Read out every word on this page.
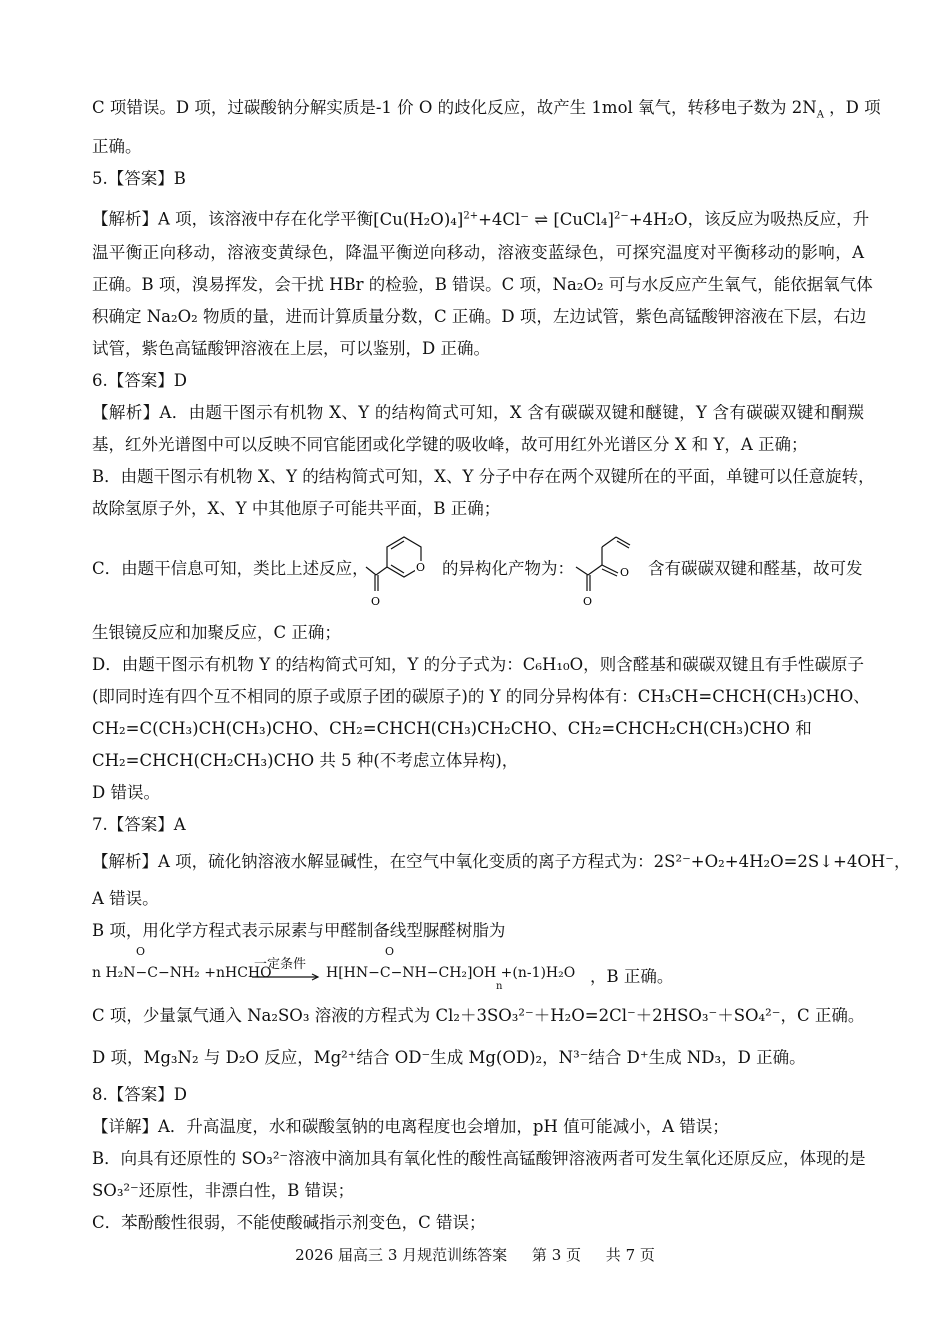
C 项错误。D 项，过碳酸钠分解实质是-1 价 O 的歧化反应，故产生 1mol 氧气，转移电子数为 $2N_A$ ，D 项
正确。
5.【答案】B
【解析】A 项，该溶液中存在化学平衡$[Cu(H_2O)_4]^{2+}+4Cl^-$ ⇌ [CuCl₄]$^{2-}$+4H₂O，该反应为吸热反应，升
温平衡正向移动，溶液变黄绿色，降温平衡逆向移动，溶液变蓝绿色，可探究温度对平衡移动的影响，A
正确。B 项，溴易挥发，会干扰 HBr 的检验，B 错误。C 项，Na₂O₂ 可与水反应产生氧气，能依据氧气体
积确定 Na₂O₂ 物质的量，进而计算质量分数，C 正确。D 项，左边试管，紫色高锰酸钾溶液在下层，右边
试管，紫色高锰酸钾溶液在上层，可以鉴别，D 正确。
6.【答案】D
【解析】A．由题干图示有机物 X、Y 的结构简式可知，X 含有碳碳双键和醚键，Y 含有碳碳双键和酮羰
基，红外光谱图中可以反映不同官能团或化学键的吸收峰，故可用红外光谱区分 X 和 Y，A 正确；
B．由题干图示有机物 X、Y 的结构简式可知，X、Y 分子中存在两个双键所在的平面，单键可以任意旋转，
故除氢原子外，X、Y 中其他原子可能共平面，B 正确；
C．由题干信息可知，类比上述反应，	O
O
的异构化产物为：	O
O
含有碳碳双键和醛基，故可发
生银镜反应和加聚反应，C 正确；
D．由题干图示有机物 Y 的结构简式可知，Y 的分子式为：C₆H₁₀O，则含醛基和碳碳双键且有手性碳原子
(即同时连有四个互不相同的原子或原子团的碳原子)的 Y 的同分异构体有：CH₃CH=CHCH(CH₃)CHO、
CH₂=C(CH₃)CH(CH₃)CHO、CH₂=CHCH(CH₃)CH₂CHO、CH₂=CHCH₂CH(CH₃)CHO 和
CH₂=CHCH(CH₂CH₃)CHO 共 5 种(不考虑立体异构)，
D 错误。
7.【答案】A
【解析】A 项，硫化钠溶液水解显碱性，在空气中氧化变质的离子方程式为：2S²⁻+O₂+4H₂O=2S↓+4OH⁻，
A 错误。
B 项，用化学方程式表示尿素与甲醛制备线型脲醛树脂为
O
n H₂N−C−NH₂ +nHCHO
一定条件
O
H[HN−C−NH−CH₂]OH +(n-1)H₂O
n
，B 正确。
C 项，少量氯气通入 Na₂SO₃ 溶液的方程式为 Cl₂＋3SO₃²⁻＋H₂O=2Cl⁻＋2HSO₃⁻＋SO₄²⁻，C 正确。
D 项，Mg₃N₂ 与 D₂O 反应，Mg²⁺结合 OD⁻生成 Mg(OD)₂，N³⁻结合 D⁺生成 ND₃，D 正确。
8.【答案】D
【详解】A．升高温度，水和碳酸氢钠的电离程度也会增加，pH 值可能减小，A 错误；
B．向具有还原性的 SO₃²⁻溶液中滴加具有氧化性的酸性高锰酸钾溶液两者可发生氧化还原反应，体现的是
SO₃²⁻还原性，非漂白性，B 错误；
C．苯酚酸性很弱，不能使酸碱指示剂变色，C 错误；
2026 届高三 3 月规范训练答案 第 3 页 共 7 页
